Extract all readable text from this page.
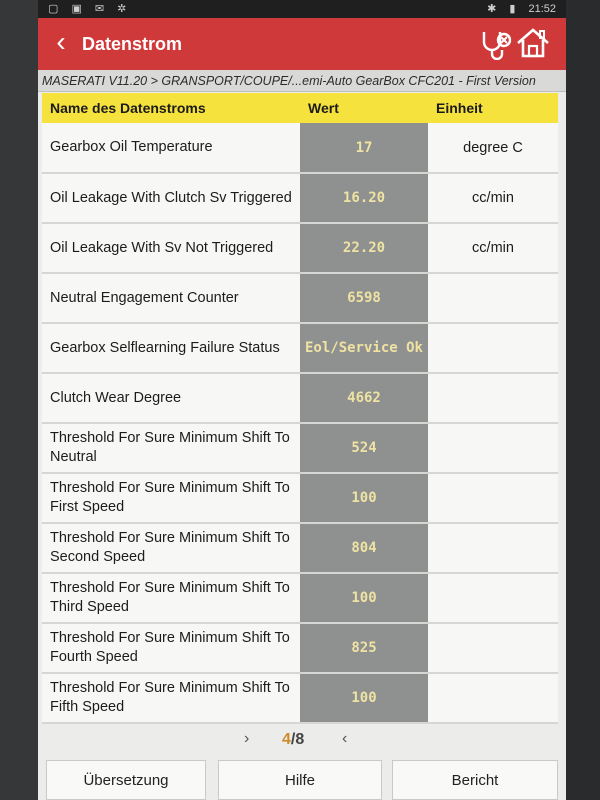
▢ ▣ ✉ ✲	✱ ▮ 21:52
‹ Datenstrom
MASERATI V11.20 > GRANSPORT/COUPE/...emi-Auto GearBox CFC201 - First Version
Name des Datenstroms	Wert	Einheit
Gearbox Oil Temperature	17	degree C
Oil Leakage With Clutch Sv Triggered	16.20	cc/min
Oil Leakage With Sv Not Triggered	22.20	cc/min
Neutral Engagement Counter	6598	
Gearbox Selflearning Failure Status	Eol/Service Ok	
Clutch Wear Degree	4662	
Threshold For Sure Minimum Shift To Neutral	524	
Threshold For Sure Minimum Shift To First Speed	100	
Threshold For Sure Minimum Shift To Second Speed	804	
Threshold For Sure Minimum Shift To Third Speed	100	
Threshold For Sure Minimum Shift To Fourth Speed	825	
Threshold For Sure Minimum Shift To Fifth Speed	100	
› 4/8 ‹
Übersetzung	Hilfe	Bericht
